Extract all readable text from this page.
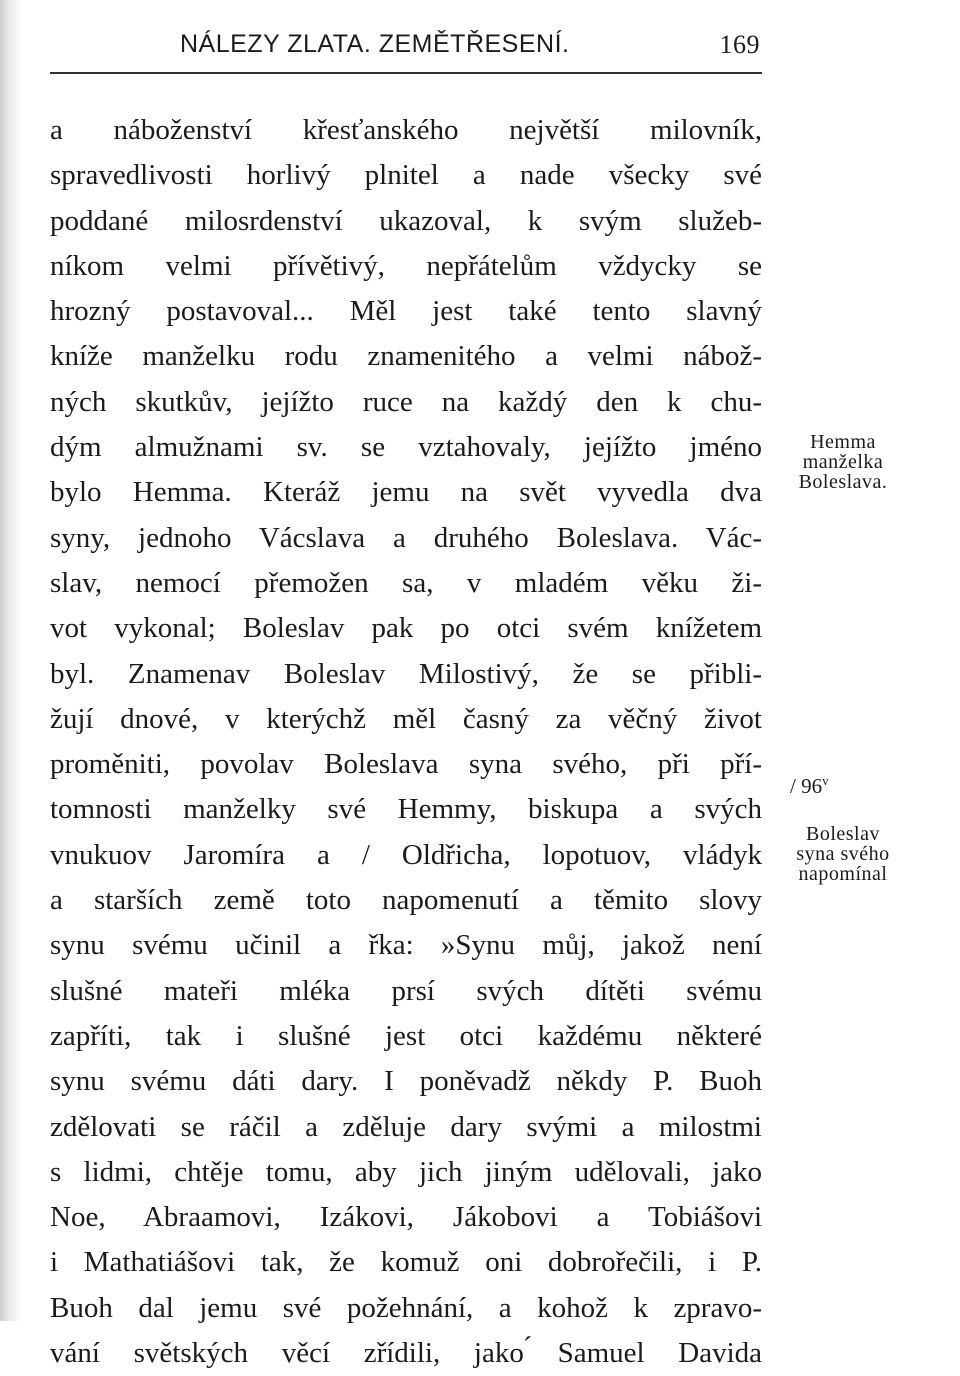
NÁLEZY ZLATA. ZEMĚTŘESENÍ.	169
a náboženství křesťanského největší milovník,
spravedlivosti horlivý plnitel a nade všecky své
poddané milosrdenství ukazoval, k svým služeb-
níkom velmi přívětivý, nepřátelům vždycky se
hrozný postavoval... Měl jest také tento slavný
kníže manželku rodu znamenitého a velmi nábož-
ných skutkův, jejížto ruce na každý den k chu-
dým almužnami sv. se vztahovaly, jejížto jméno
bylo Hemma. Kteráž jemu na svět vyvedla dva
syny, jednoho Vácslava a druhého Boleslava. Vác-
slav, nemocí přemožen sa, v mladém věku ži-
vot vykonal; Boleslav pak po otci svém knížetem
byl. Znamenav Boleslav Milostivý, že se přibli-
žují dnové, v kterýchž měl časný za věčný život
proměniti, povolav Boleslava syna svého, při pří-
tomnosti manželky své Hemmy, biskupa a svých
vnukuov Jaromíra a / Oldřicha, lopotuov, vládyk
a starších země toto napomenutí a těmito slovy
synu svému učinil a řka: »Synu můj, jakož není
slušné mateři mléka prsí svých dítěti svému
zapříti, tak i slušné jest otci každému některé
synu svému dáti dary. I poněvadž někdy P. Buoh
zdělovati se ráčil a zděluje dary svými a milostmi
s lidmi, chtěje tomu, aby jich jiným udělovali, jako
Noe, Abraamovi, Izákovi, Jákobovi a Tobiášovi
i Mathatiášovi tak, že komuž oni dobrořečili, i P.
Buoh dal jemu své požehnání, a kohož k zpravo-
vání světských věcí zřídili, jako ́Samuel Davida
Hemma
manželka
Boleslava.
/ 96$^v$
Boleslav
syna svého
napomínal
